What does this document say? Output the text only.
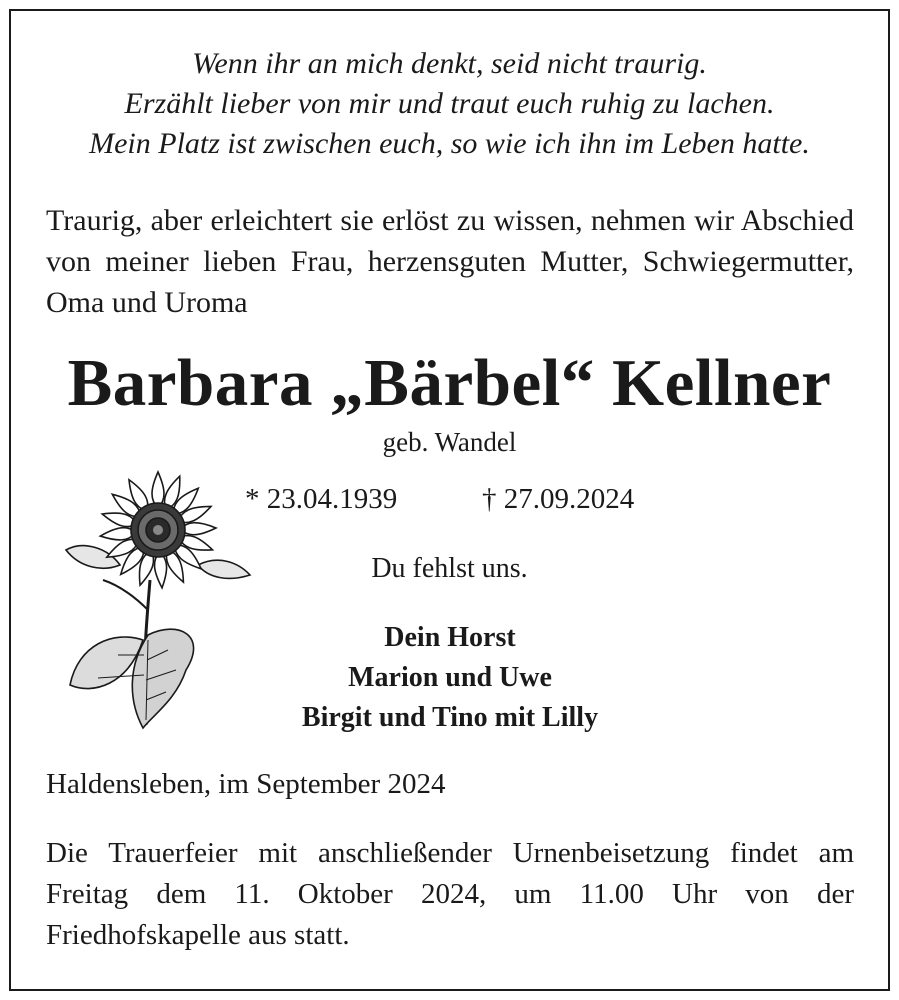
Wenn ihr an mich denkt, seid nicht traurig.
Erzählt lieber von mir und traut euch ruhig zu lachen.
Mein Platz ist zwischen euch, so wie ich ihn im Leben hatte.
Traurig, aber erleichtert sie erlöst zu wissen, nehmen wir Abschied von meiner lieben Frau, herzensguten Mutter, Schwiegermutter, Oma und Uroma
Barbara „Bärbel“ Kellner
geb. Wandel
* 23.04.1939	† 27.09.2024
Du fehlst uns.
Dein Horst
Marion und Uwe
Birgit und Tino mit Lilly
Haldensleben, im September 2024
Die Trauerfeier mit anschließender Urnenbeisetzung findet am Freitag dem 11. Oktober 2024, um 11.00 Uhr von der Friedhofskapelle aus statt.
